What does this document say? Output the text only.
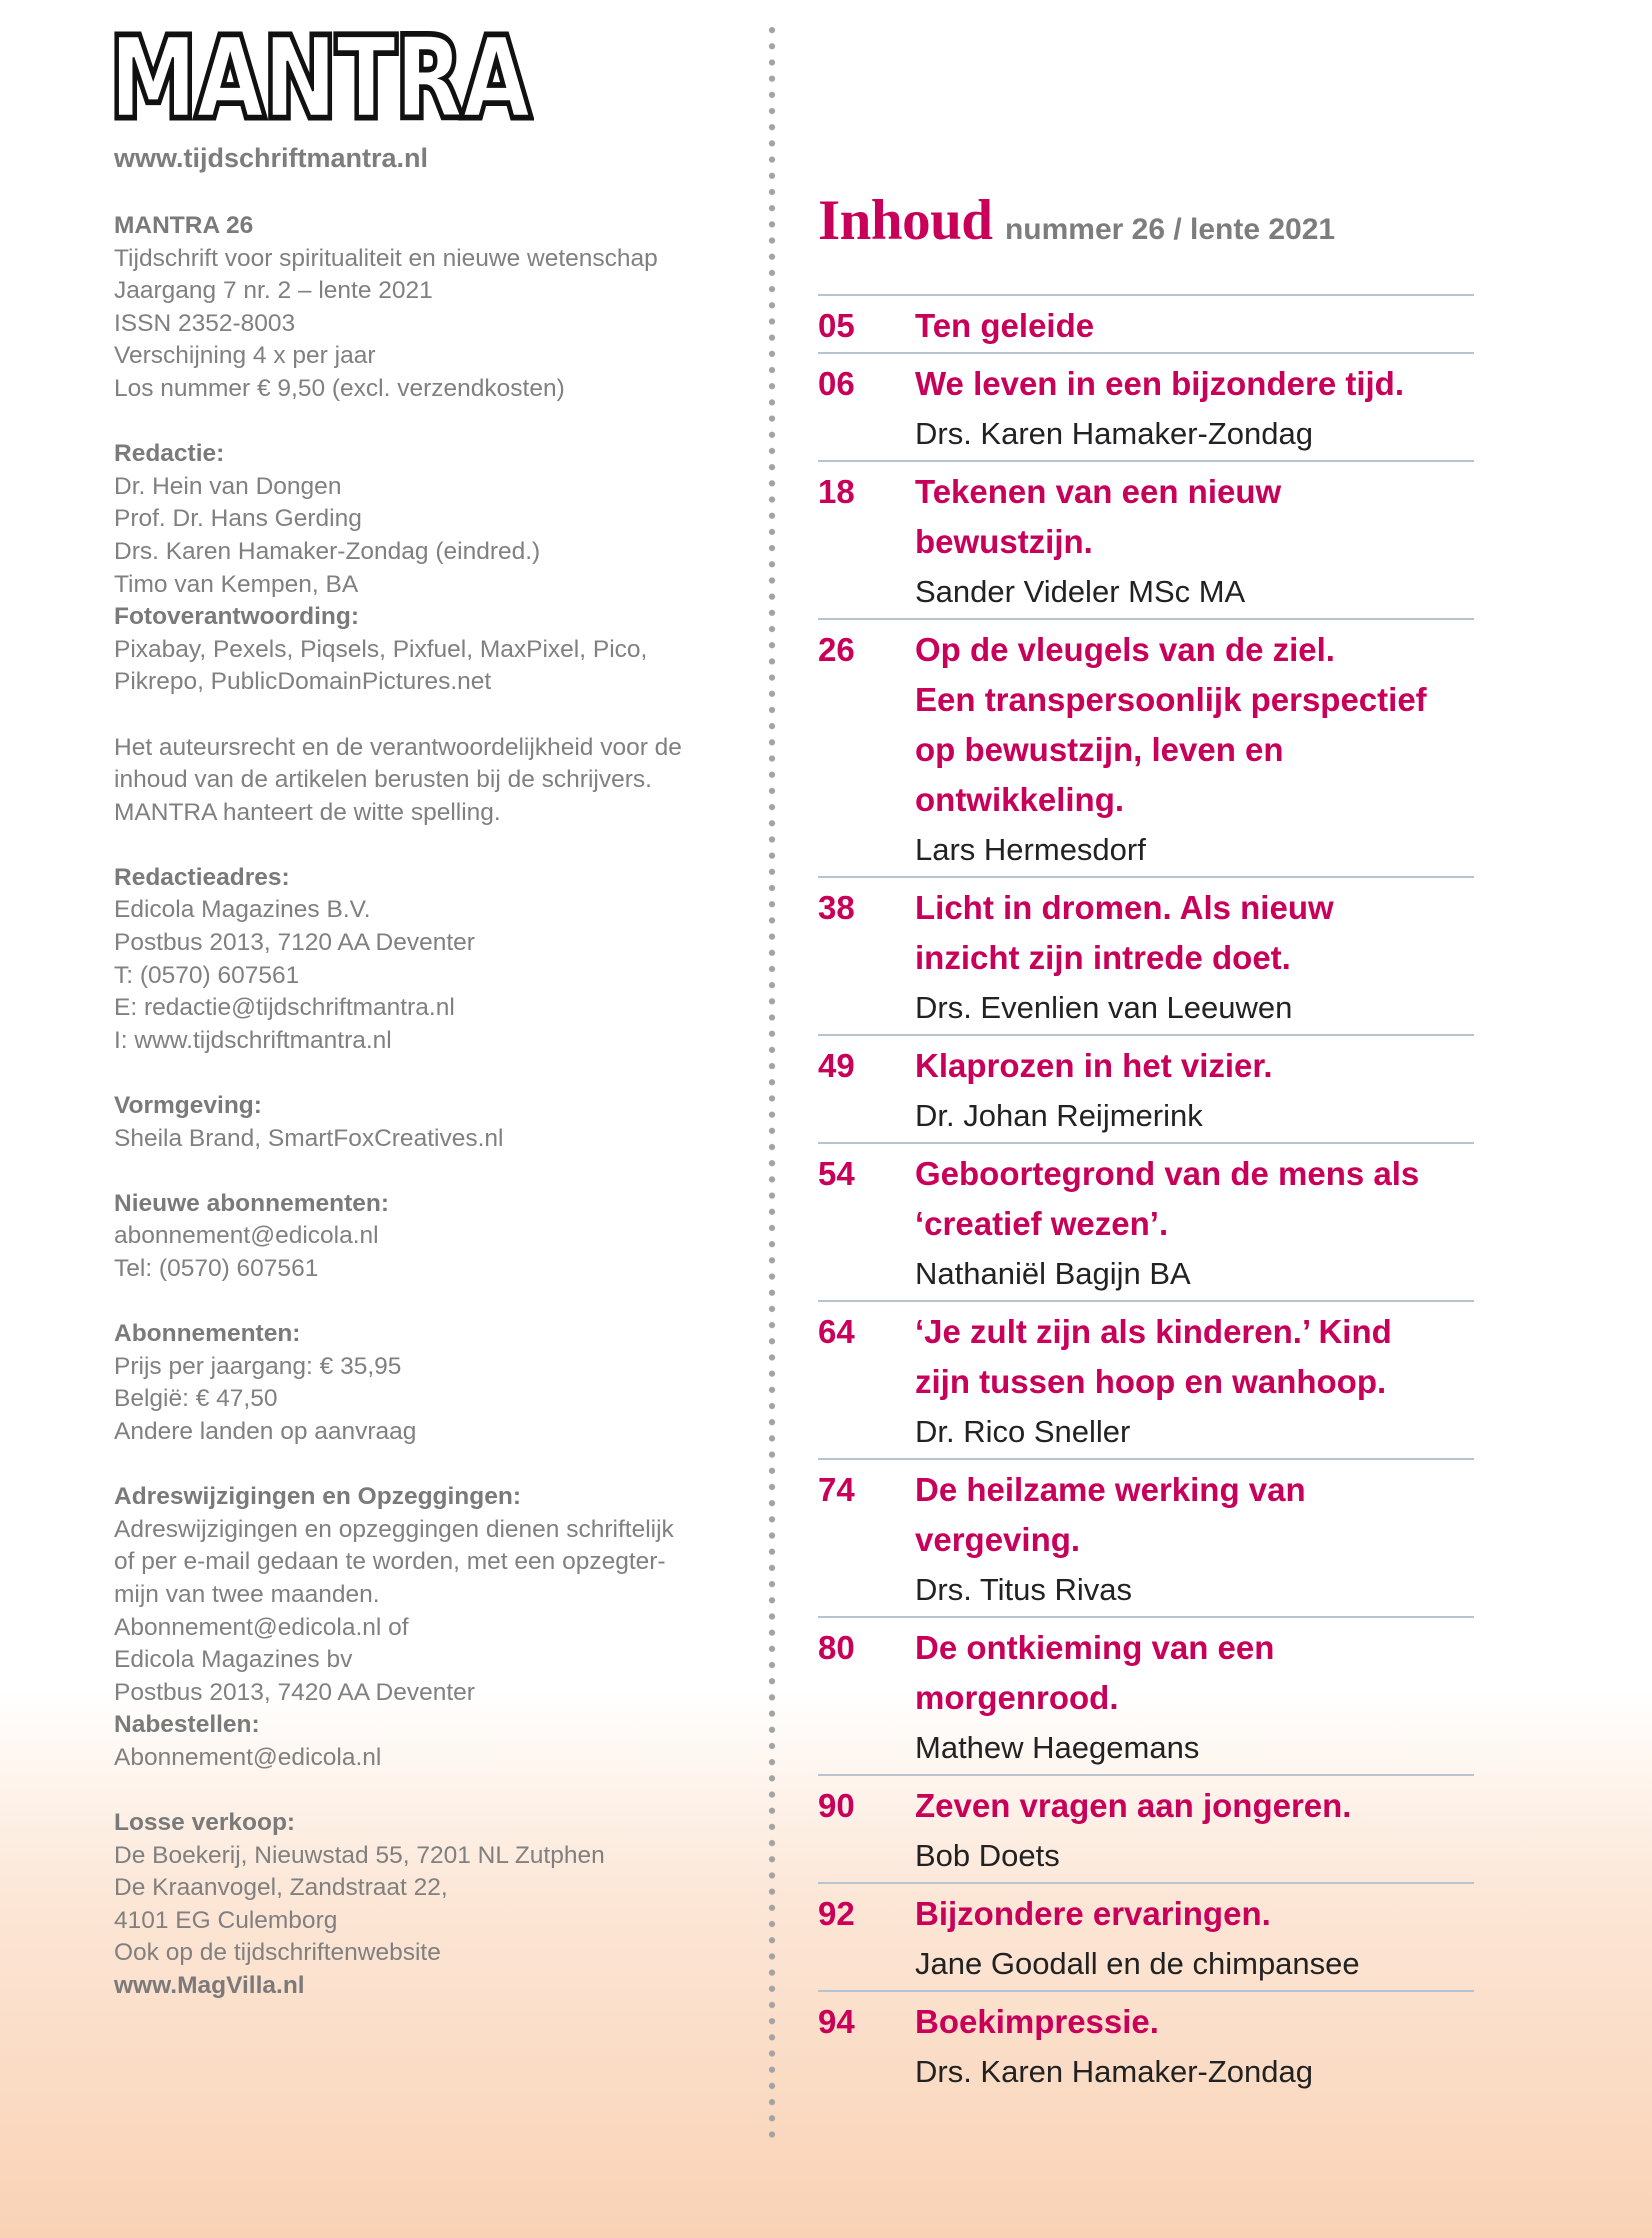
MANTRA
MANTRA
www.tijdschriftmantra.nl
MANTRA 26
Tijdschrift voor spiritualiteit en nieuwe wetenschap
Jaargang 7 nr. 2 – lente 2021
ISSN 2352-8003
Verschijning 4 x per jaar
Los nummer € 9,50 (excl. verzendkosten)
Redactie:
Dr. Hein van Dongen
Prof. Dr. Hans Gerding
Drs. Karen Hamaker-Zondag (eindred.)
Timo van Kempen, BA
Fotoverantwoording:
Pixabay, Pexels, Piqsels, Pixfuel, MaxPixel, Pico,
Pikrepo, PublicDomainPictures.net
Het auteursrecht en de verantwoordelijkheid voor de
inhoud van de artikelen berusten bij de schrijvers.
MANTRA hanteert de witte spelling.
Redactieadres:
Edicola Magazines B.V.
Postbus 2013, 7120 AA Deventer
T: (0570) 607561
E: redactie@tijdschriftmantra.nl
I: www.tijdschriftmantra.nl
Vormgeving:
Sheila Brand, SmartFoxCreatives.nl
Nieuwe abonnementen:
abonnement@edicola.nl
Tel: (0570) 607561
Abonnementen:
Prijs per jaargang: € 35,95
België: € 47,50
Andere landen op aanvraag
Adreswijzigingen en Opzeggingen:
Adreswijzigingen en opzeggingen dienen schriftelijk
of per e-mail gedaan te worden, met een opzegter-
mijn van twee maanden.
Abonnement@edicola.nl of
Edicola Magazines bv
Postbus 2013, 7420 AA Deventer
Nabestellen:
Abonnement@edicola.nl
Losse verkoop:
De Boekerij, Nieuwstad 55, 7201 NL Zutphen
De Kraanvogel, Zandstraat 22,
4101 EG Culemborg
Ook op de tijdschriftenwebsite
www.MagVilla.nl
Inhoud nummer 26 / lente 2021
05	Ten geleide
06	We leven in een bijzondere tijd.
Drs. Karen Hamaker-Zondag
18	Tekenen van een nieuw
bewustzijn.
Sander Videler MSc MA
26	Op de vleugels van de ziel.
Een transpersoonlijk perspectief
op bewustzijn, leven en
ontwikkeling.
Lars Hermesdorf
38	Licht in dromen. Als nieuw
inzicht zijn intrede doet.
Drs. Evenlien van Leeuwen
49	Klaprozen in het vizier.
Dr. Johan Reijmerink
54	Geboortegrond van de mens als
‘creatief wezen’.
Nathaniël Bagijn BA
64	‘Je zult zijn als kinderen.’ Kind
zijn tussen hoop en wanhoop.
Dr. Rico Sneller
74	De heilzame werking van
vergeving.
Drs. Titus Rivas
80	De ontkieming van een
morgenrood.
Mathew Haegemans
90	Zeven vragen aan jongeren.
Bob Doets
92	Bijzondere ervaringen.
Jane Goodall en de chimpansee
94	Boekimpressie.
Drs. Karen Hamaker-Zondag
